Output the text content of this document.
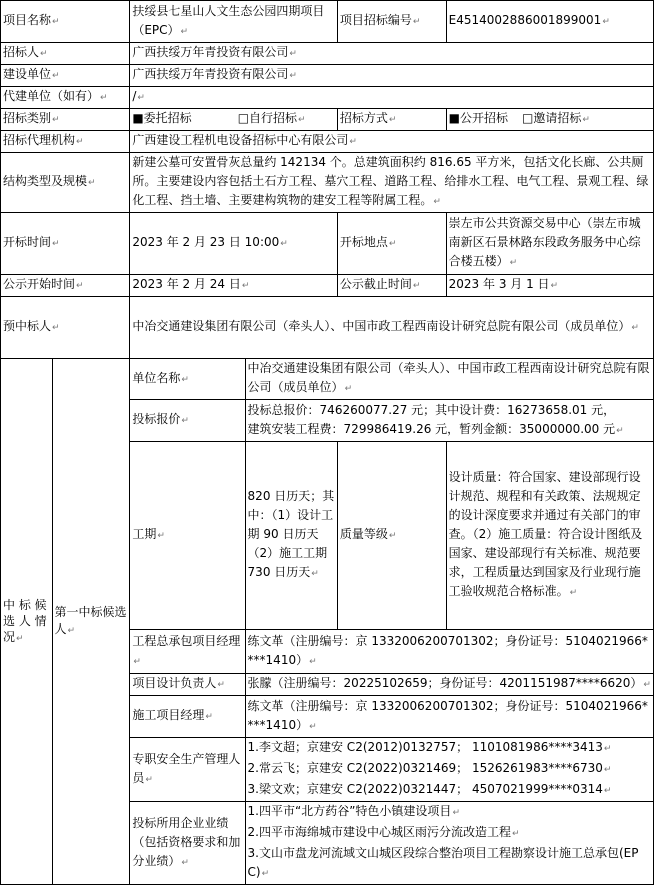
项目名称 ↵		扶绥县七星山人文生态公园四期项目（EPC） ↵		项目招标编号 ↵	E4514002886001899001 ↵
招标人 ↵		广西扶绥万年青投资有限公司 ↵
建设单位 ↵		广西扶绥万年青投资有限公司 ↵
代建单位（如有） ↵		/ ↵
招标类别 ↵		■委托招标 □自行招标 ↵		招标方式 ↵	■公开招标 □邀请招标 ↵
招标代理机构 ↵		广西建设工程机电设备招标中心有限公司 ↵
结构类型及规模 ↵		新建公墓可安置骨灰总量约 142134 个。总建筑面积约 816.65 平方米，包括文化长廊、公共厕所。主要建设内容包括土石方工程、墓穴工程、道路工程、给排水工程、电气工程、景观工程、绿化工程、挡土墙、主要建构筑物的建安工程等附属工程。 ↵
开标时间 ↵		2023 年 2 月 23 日 10:00 ↵		开标地点 ↵	崇左市公共资源交易中心（崇左市城南新区石景林路东段政务服务中心综合楼五楼） ↵
公示开始时间 ↵		2023 年 2 月 24 日 ↵		公示截止时间 ↵	2023 年 3 月 1 日 ↵
预中标人 ↵		中冶交通建设集团有限公司（牵头人）、中国市政工程西南设计研究总院有限公司（成员单位） ↵
中 标 候 选 人 情 况 ↵	第一中标候选人 ↵	单位名称 ↵	中冶交通建设集团有限公司（牵头人）、中国市政工程西南设计研究总院有限公司（成员单位） ↵
		投标报价 ↵	投标总报价：746260077.27 元；其中设计费：16273658.01 元，
建筑安装工程费：729986419.26 元，暂列金额：35000000.00 元 ↵

		工期 ↵	820 日历天；其中：（1）设计工期 90 日历天（2）施工工期 730 日历天 ↵	质量等级 ↵	设计质量：符合国家、建设部现行设计规范、规程和有关政策、法规规定的设计深度要求并通过有关部门的审查。（2）施工质量：符合设计图纸及国家、建设部现行有关标准、规范要求，工程质量达到国家及行业现行施工验收规范合格标准。 ↵
		工程总承包项目经理 ↵	练文革（注册编号：京 1332006200701302；身份证号：5104021966****1410） ↵
		项目设计负责人 ↵	张朦（注册编号：20225102659；身份证号：4201151987****6620） ↵
		施工项目经理 ↵	练文革（注册编号：京 1332006200701302；身份证号：5104021966****1410） ↵
		专职安全生产管理人员 ↵	1.李文超；京建安 C2(2012)0132757； 1101081986****3413 ↵
2.常云飞；京建安 C2(2022)0321469； 1526261983****6730 ↵
3.梁文欢；京建安 C2(2022)0321447； 4507021999****0314 ↵

		投标所用企业业绩（包括资格要求和加分业绩） ↵	1.四平市“北方药谷”特色小镇建设项目 ↵
2.四平市海绵城市建设中心城区雨污分流改造工程 ↵
3.文山市盘龙河流域文山城区段综合整治项目工程勘察设计施工总承包(EPC) ↵
